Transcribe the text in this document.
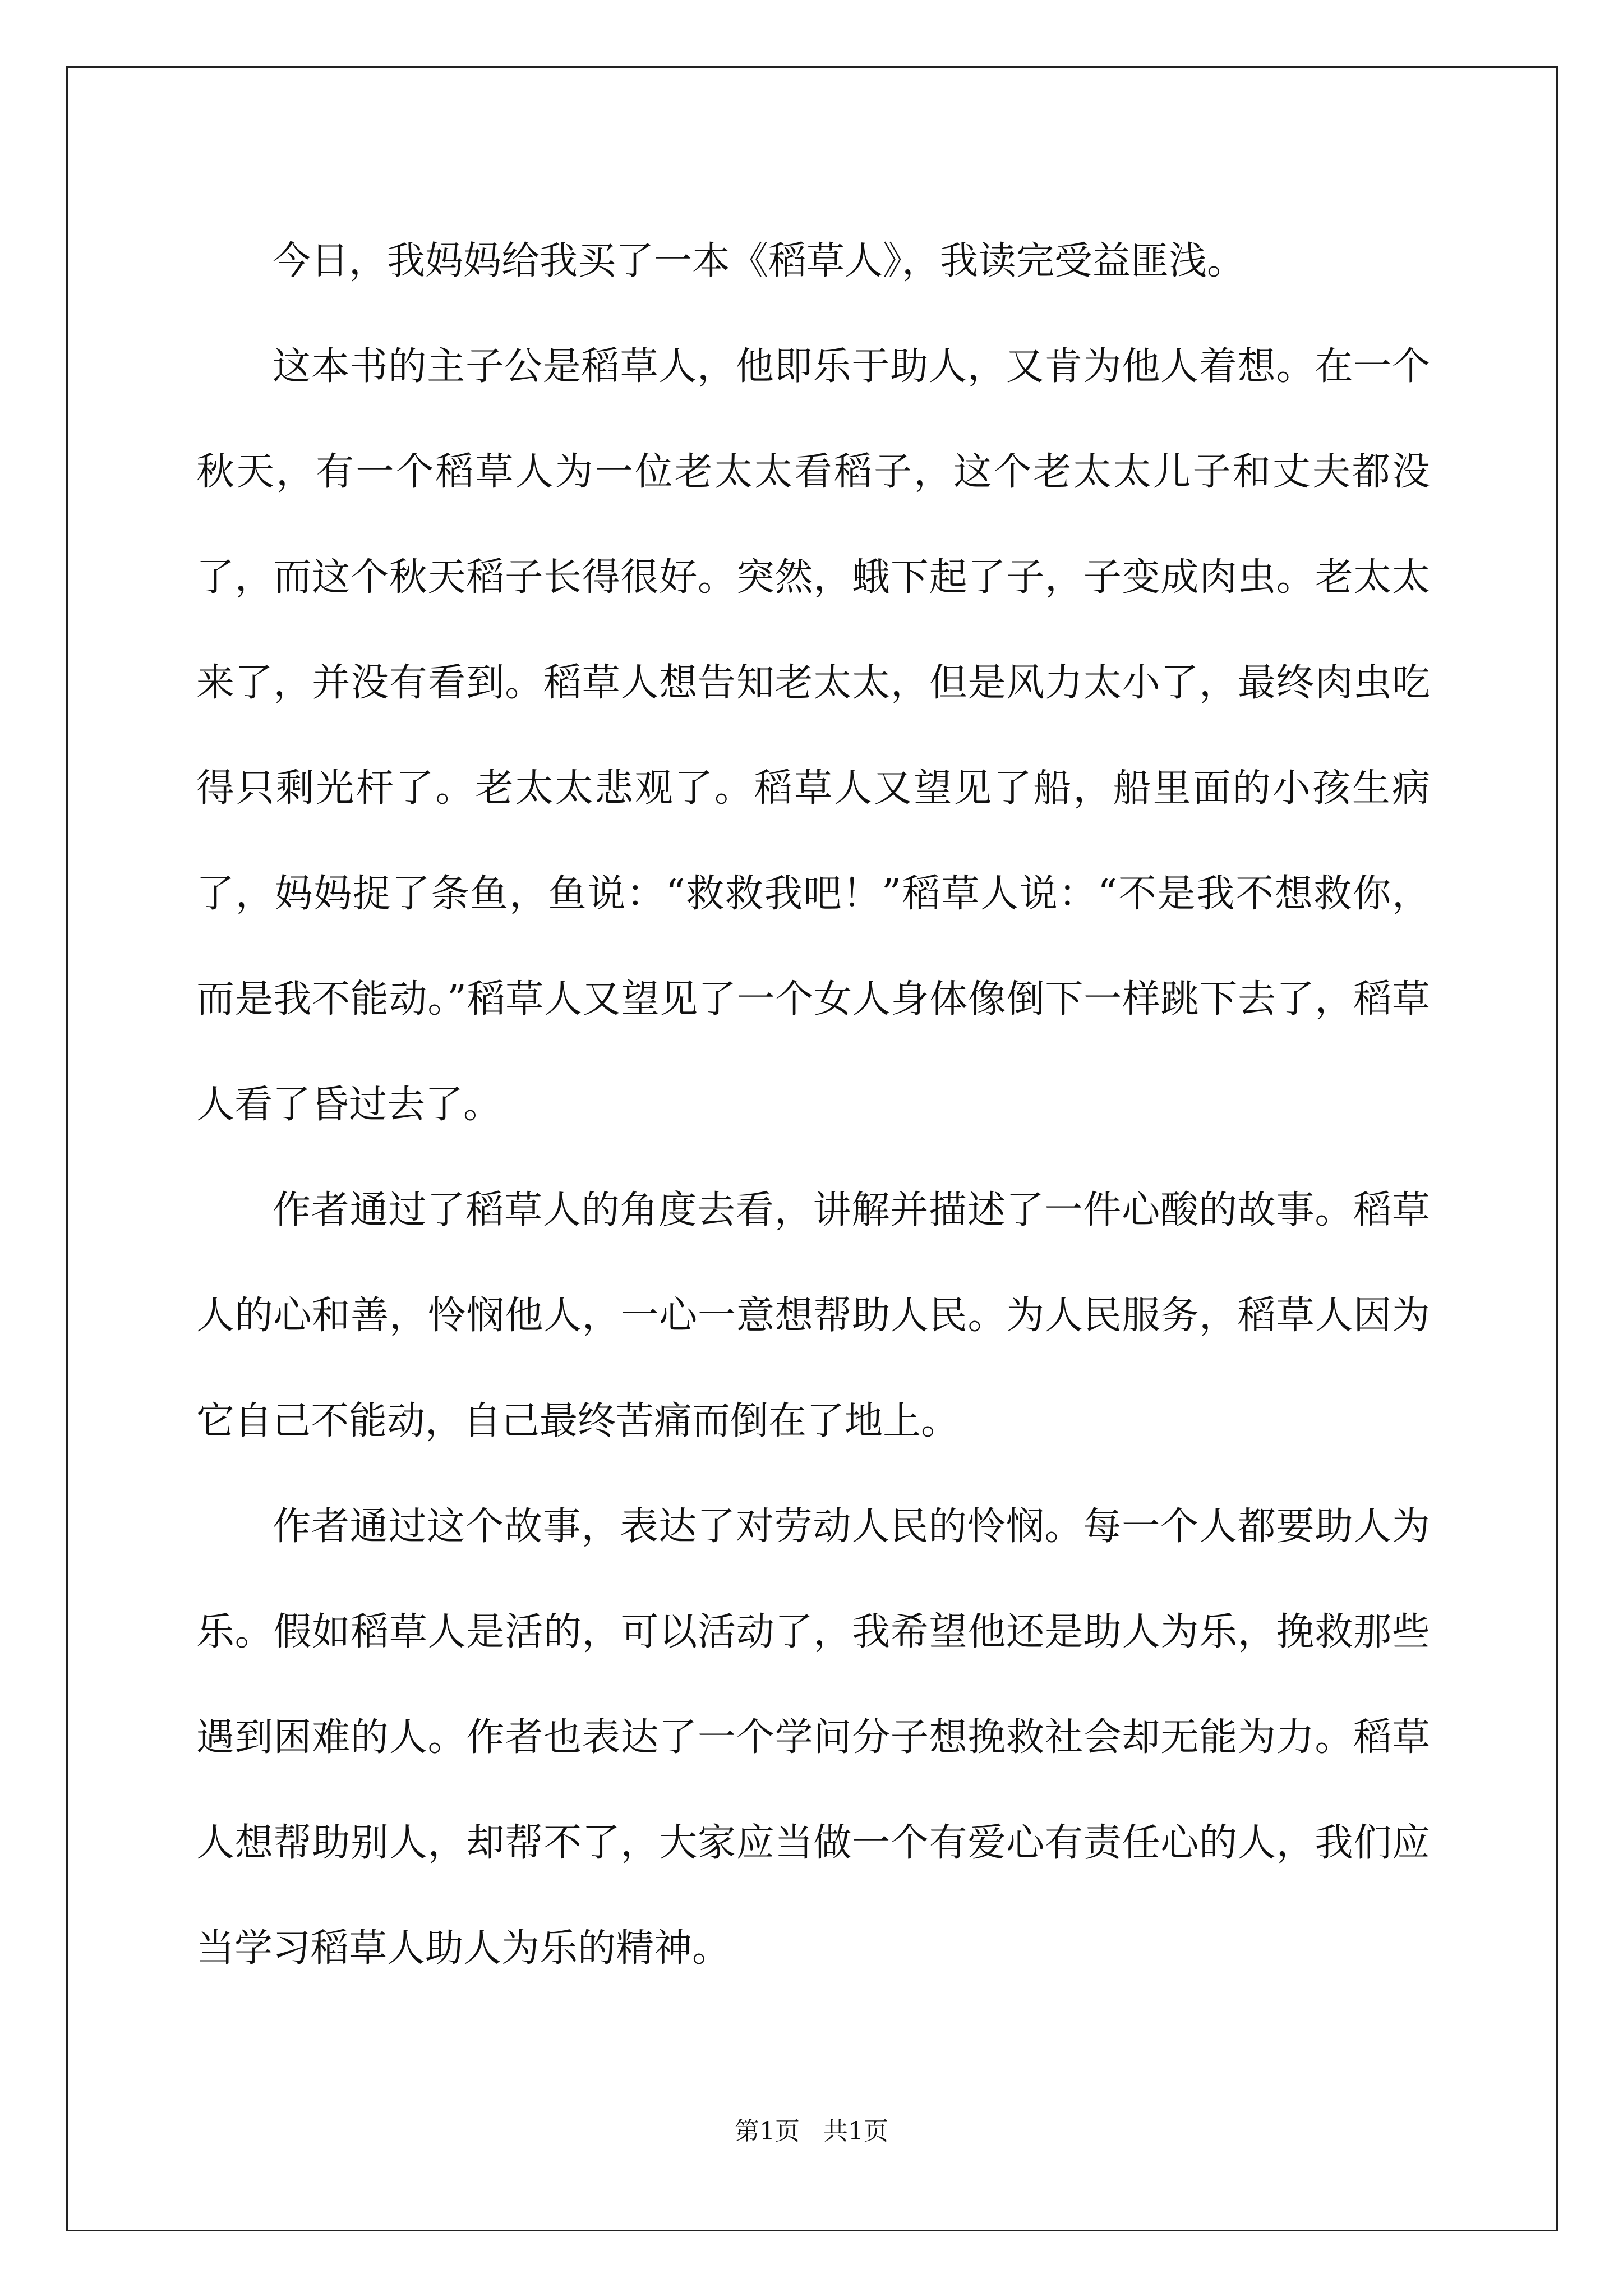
今日，我妈妈给我买了一本《稻草人》，我读完受益匪浅。

这本书的主子公是稻草人，他即乐于助人，又肯为他人着想。在一个秋天，有一个稻草人为一位老太太看稻子，这个老太太儿子和丈夫都没了，而这个秋天稻子长得很好。突然，蛾下起了子，子变成肉虫。老太太来了，并没有看到。稻草人想告知老太太，但是风力太小了，最终肉虫吃得只剩光杆了。老太太悲观了。稻草人又望见了船，船里面的小孩生病了，妈妈捉了条鱼，鱼说：“救救我吧！”稻草人说：“不是我不想救你，而是我不能动。”稻草人又望见了一个女人身体像倒下一样跳下去了，稻草人看了昏过去了。

作者通过了稻草人的角度去看，讲解并描述了一件心酸的故事。稻草人的心和善，怜悯他人，一心一意想帮助人民。为人民服务，稻草人因为它自己不能动，自己最终苦痛而倒在了地上。

作者通过这个故事，表达了对劳动人民的怜悯。每一个人都要助人为乐。假如稻草人是活的，可以活动了，我希望他还是助人为乐，挽救那些遇到困难的人。作者也表达了一个学问分子想挽救社会却无能为力。稻草人想帮助别人，却帮不了，大家应当做一个有爱心有责任心的人，我们应当学习稻草人助人为乐的精神。

第1页 共1页
